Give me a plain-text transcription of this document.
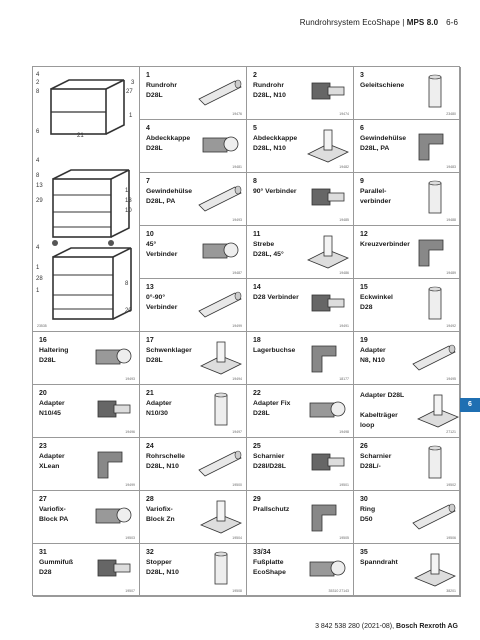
Rundrohrsystem EcoShape | MPS 8.0 6-6
4
2	3
8	27
1
6
21
4
8
13
1
29	13
10
4
1
28
8
1
20
23535
1
Rundrohr
D28L
19476
2
Rundrohr
D28L, N10
19474
3
Geleitschiene
23480
4
Abdeckkappe
D28L
19481
5
Abdeckkappe
D28L, N10
19482
6
Gewindehülse
D28L, PA
19483
7
Gewindehülse
D28L, PA
19493
8
90° Verbinder
19485
9
Parallel-
verbinder
19488
10
45°
Verbinder
19487
11
Strebe
D28L, 45°
19486
12
Kreuzverbinder
19489
13
0°-90°
Verbinder
19499
14
D28 Verbinder
19491
15
Eckwinkel
D28
19492
16
Haltering
D28L
19493
17
Schwenklager
D28L
19494
18
Lagerbuchse
18177
19
Adapter
N8, N10
19495
20
Adapter
N10/45
19496
21
Adapter
N10/30
19497
22
Adapter Fix
D28L
19498
Adapter D28L
Kabelträger
loop
27121
23
Adapter
XLean
19499
24
Rohrschelle
D28L, N10
19500
25
Scharnier
D28l/D28L
19501
26
Scharnier
D28L/-
19502
27
Variofix-
Block PA
19503
28
Variofix-
Block Zn
19504
29
Prallschutz
19505
30
Ring
D50
19506
31
Gummifuß
D28
19507
32
Stopper
D28L, N10
19508
33/34
Fußplatte
EcoShape
35310 27143
35
Spanndraht
38201
6
3 842 538 280 (2021-08), Bosch Rexroth AG
